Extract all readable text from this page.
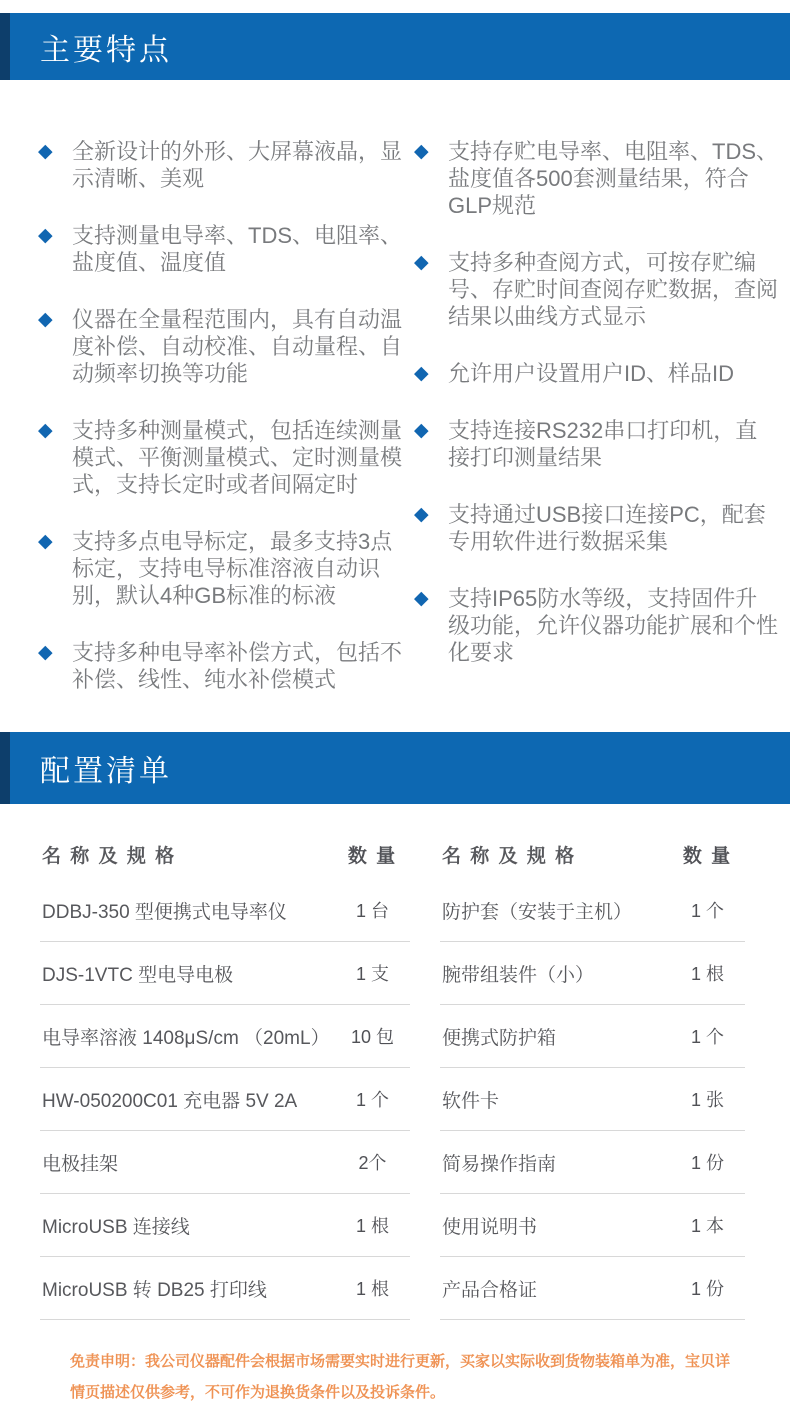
主要特点
◆ 全新设计的外形、大屏幕液晶，显示清晰、美观
◆ 支持测量电导率、TDS、电阻率、盐度值、温度值
◆ 仪器在全量程范围内，具有自动温度补偿、自动校准、自动量程、自动频率切换等功能
◆ 支持多种测量模式，包括连续测量模式、平衡测量模式、定时测量模式，支持长定时或者间隔定时
◆ 支持多点电导标定，最多支持3点标定，支持电导标准溶液自动识别，默认4种GB标准的标液
◆ 支持多种电导率补偿方式，包括不补偿、线性、纯水补偿模式
◆ 支持存贮电导率、电阻率、TDS、盐度值各500套测量结果，符合GLP规范
◆ 支持多种查阅方式，可按存贮编号、存贮时间查阅存贮数据，查阅结果以曲线方式显示
◆ 允许用户设置用户ID、样品ID
◆ 支持连接RS232串口打印机，直接打印测量结果
◆ 支持通过USB接口连接PC，配套专用软件进行数据采集
◆ 支持IP65防水等级，支持固件升级功能，允许仪器功能扩展和个性化要求
配置清单
名 称 及 规 格	数 量
DDBJ-350 型便携式电导率仪	1 台
DJS-1VTC 型电导电极	1 支
电导率溶液 1408μS/cm （20mL）	10 包
HW-050200C01 充电器 5V 2A	1 个
电极挂架	2个
MicroUSB 连接线	1 根
MicroUSB 转 DB25 打印线	1 根
名 称 及 规 格	数 量
防护套（安装于主机）	1 个
腕带组装件（小）	1 根
便携式防护箱	1 个
软件卡	1 张
简易操作指南	1 份
使用说明书	1 本
产品合格证	1 份
免责申明：我公司仪器配件会根据市场需要实时进行更新，买家以实际收到货物装箱单为准，宝贝详情页描述仅供参考，不可作为退换货条件以及投诉条件。
